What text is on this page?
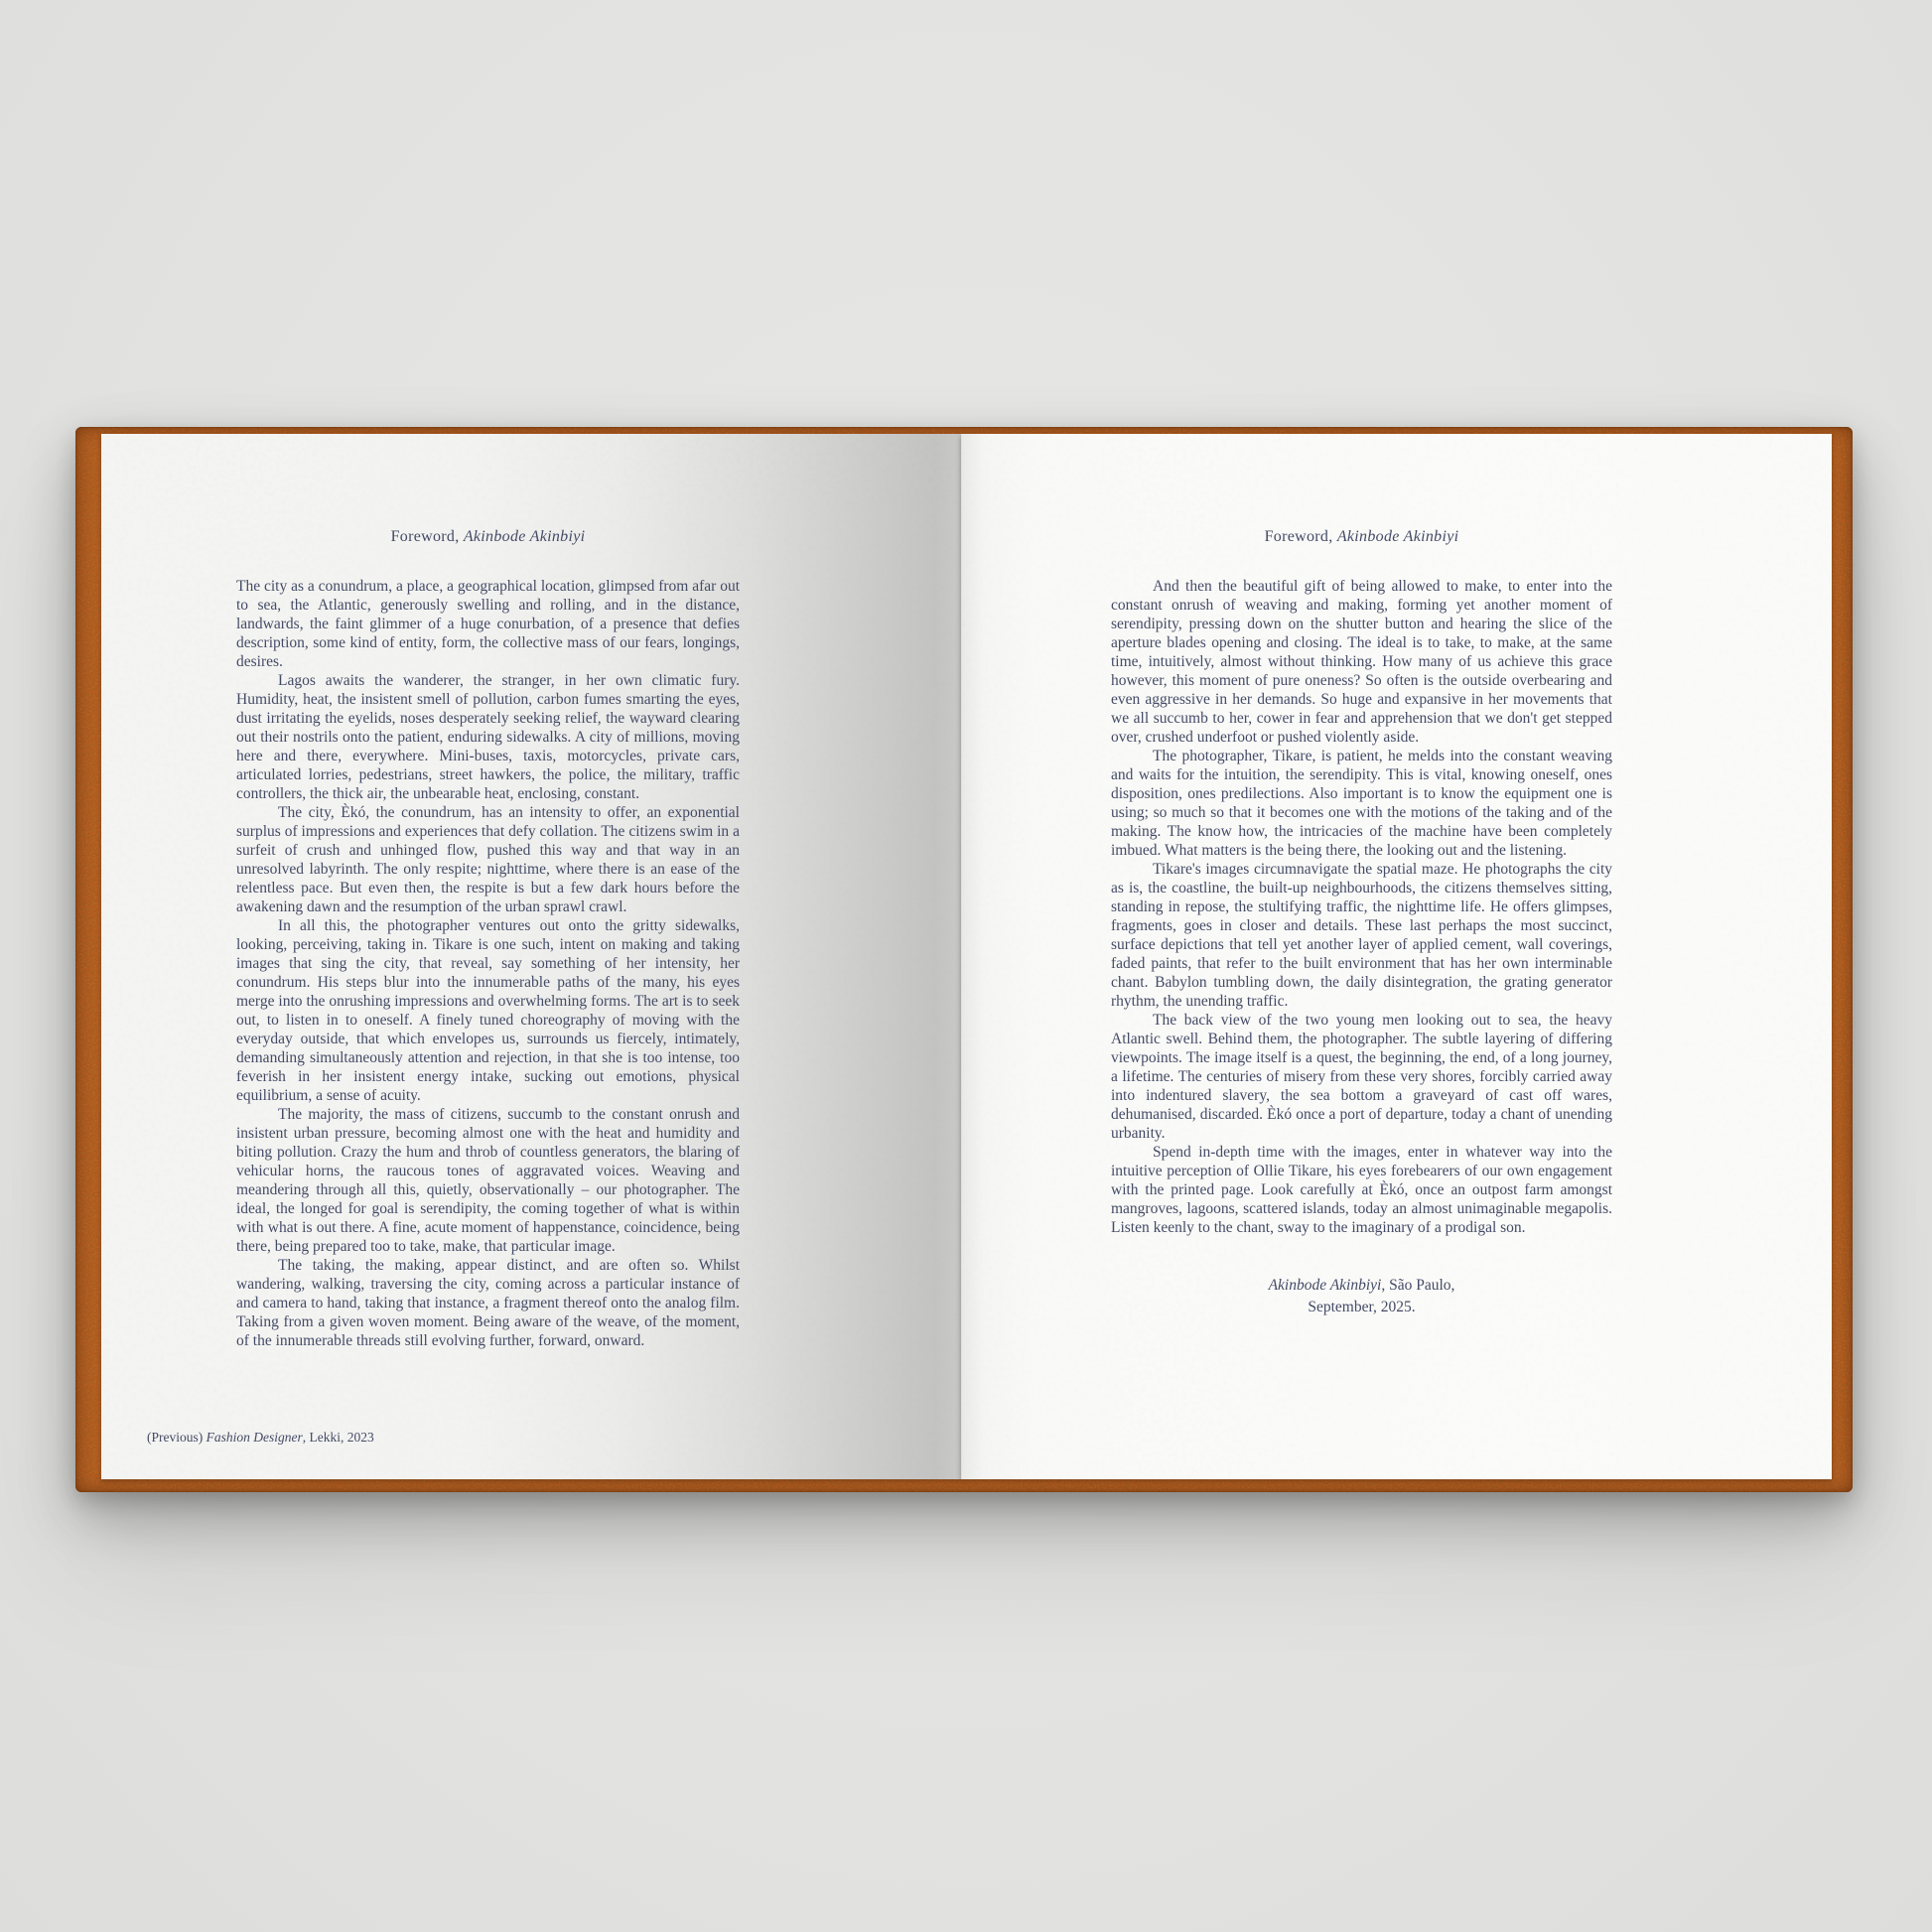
Foreword, Akinbode Akinbiyi

The city as a conundrum, a place, a geographical location, glimpsed from afar out to sea, the Atlantic, generously swelling and rolling, and in the distance, landwards, the faint glimmer of a huge conurbation, of a presence that defies description, some kind of entity, form, the collective mass of our fears, longings, desires.

Lagos awaits the wanderer, the stranger, in her own climatic fury. Humidity, heat, the insistent smell of pollution, carbon fumes smarting the eyes, dust irritating the eyelids, noses desperately seeking relief, the wayward clearing out their nostrils onto the patient, enduring sidewalks. A city of millions, moving here and there, everywhere. Mini-buses, taxis, motorcycles, private cars, articulated lorries, pedestrians, street hawkers, the police, the military, traffic controllers, the thick air, the unbearable heat, enclosing, constant.

The city, Èkó, the conundrum, has an intensity to offer, an exponential surplus of impressions and experiences that defy collation. The citizens swim in a surfeit of crush and unhinged flow, pushed this way and that way in an unresolved labyrinth. The only respite; nighttime, where there is an ease of the relentless pace. But even then, the respite is but a few dark hours before the awakening dawn and the resumption of the urban sprawl crawl.

In all this, the photographer ventures out onto the gritty sidewalks, looking, perceiving, taking in. Tikare is one such, intent on making and taking images that sing the city, that reveal, say something of her intensity, her conundrum. His steps blur into the innumerable paths of the many, his eyes merge into the onrushing impressions and overwhelming forms. The art is to seek out, to listen in to oneself. A finely tuned choreography of moving with the everyday outside, that which envelopes us, surrounds us fiercely, intimately, demanding simultaneously attention and rejection, in that she is too intense, too feverish in her insistent energy intake, sucking out emotions, physical equilibrium, a sense of acuity.

The majority, the mass of citizens, succumb to the constant onrush and insistent urban pressure, becoming almost one with the heat and humidity and biting pollution. Crazy the hum and throb of countless generators, the blaring of vehicular horns, the raucous tones of aggravated voices. Weaving and meandering through all this, quietly, observationally – our photographer. The ideal, the longed for goal is serendipity, the coming together of what is within with what is out there. A fine, acute moment of happenstance, coincidence, being there, being prepared too to take, make, that particular image.

The taking, the making, appear distinct, and are often so. Whilst wandering, walking, traversing the city, coming across a particular instance of and camera to hand, taking that instance, a fragment thereof onto the analog film. Taking from a given woven moment. Being aware of the weave, of the moment, of the innumerable threads still evolving further, forward, onward.

(Previous) Fashion Designer, Lekki, 2023
Foreword, Akinbode Akinbiyi

And then the beautiful gift of being allowed to make, to enter into the constant onrush of weaving and making, forming yet another moment of serendipity, pressing down on the shutter button and hearing the slice of the aperture blades opening and closing. The ideal is to take, to make, at the same time, intuitively, almost without thinking. How many of us achieve this grace however, this moment of pure oneness? So often is the outside overbearing and even aggressive in her demands. So huge and expansive in her movements that we all succumb to her, cower in fear and apprehension that we don't get stepped over, crushed underfoot or pushed violently aside.

The photographer, Tikare, is patient, he melds into the constant weaving and waits for the intuition, the serendipity. This is vital, knowing oneself, ones disposition, ones predilections. Also important is to know the equipment one is using; so much so that it becomes one with the motions of the taking and of the making. The know how, the intricacies of the machine have been completely imbued. What matters is the being there, the looking out and the listening.

Tikare's images circumnavigate the spatial maze. He photographs the city as is, the coastline, the built-up neighbourhoods, the citizens themselves sitting, standing in repose, the stultifying traffic, the nighttime life. He offers glimpses, fragments, goes in closer and details. These last perhaps the most succinct, surface depictions that tell yet another layer of applied cement, wall coverings, faded paints, that refer to the built environment that has her own interminable chant. Babylon tumbling down, the daily disintegration, the grating generator rhythm, the unending traffic.

The back view of the two young men looking out to sea, the heavy Atlantic swell. Behind them, the photographer. The subtle layering of differing viewpoints. The image itself is a quest, the beginning, the end, of a long journey, a lifetime. The centuries of misery from these very shores, forcibly carried away into indentured slavery, the sea bottom a graveyard of cast off wares, dehumanised, discarded. Èkó once a port of departure, today a chant of unending urbanity.

Spend in-depth time with the images, enter in whatever way into the intuitive perception of Ollie Tikare, his eyes forebearers of our own engagement with the printed page. Look carefully at Èkó, once an outpost farm amongst mangroves, lagoons, scattered islands, today an almost unimaginable megapolis. Listen keenly to the chant, sway to the imaginary of a prodigal son.

Akinbode Akinbiyi, São Paulo,
September, 2025.
